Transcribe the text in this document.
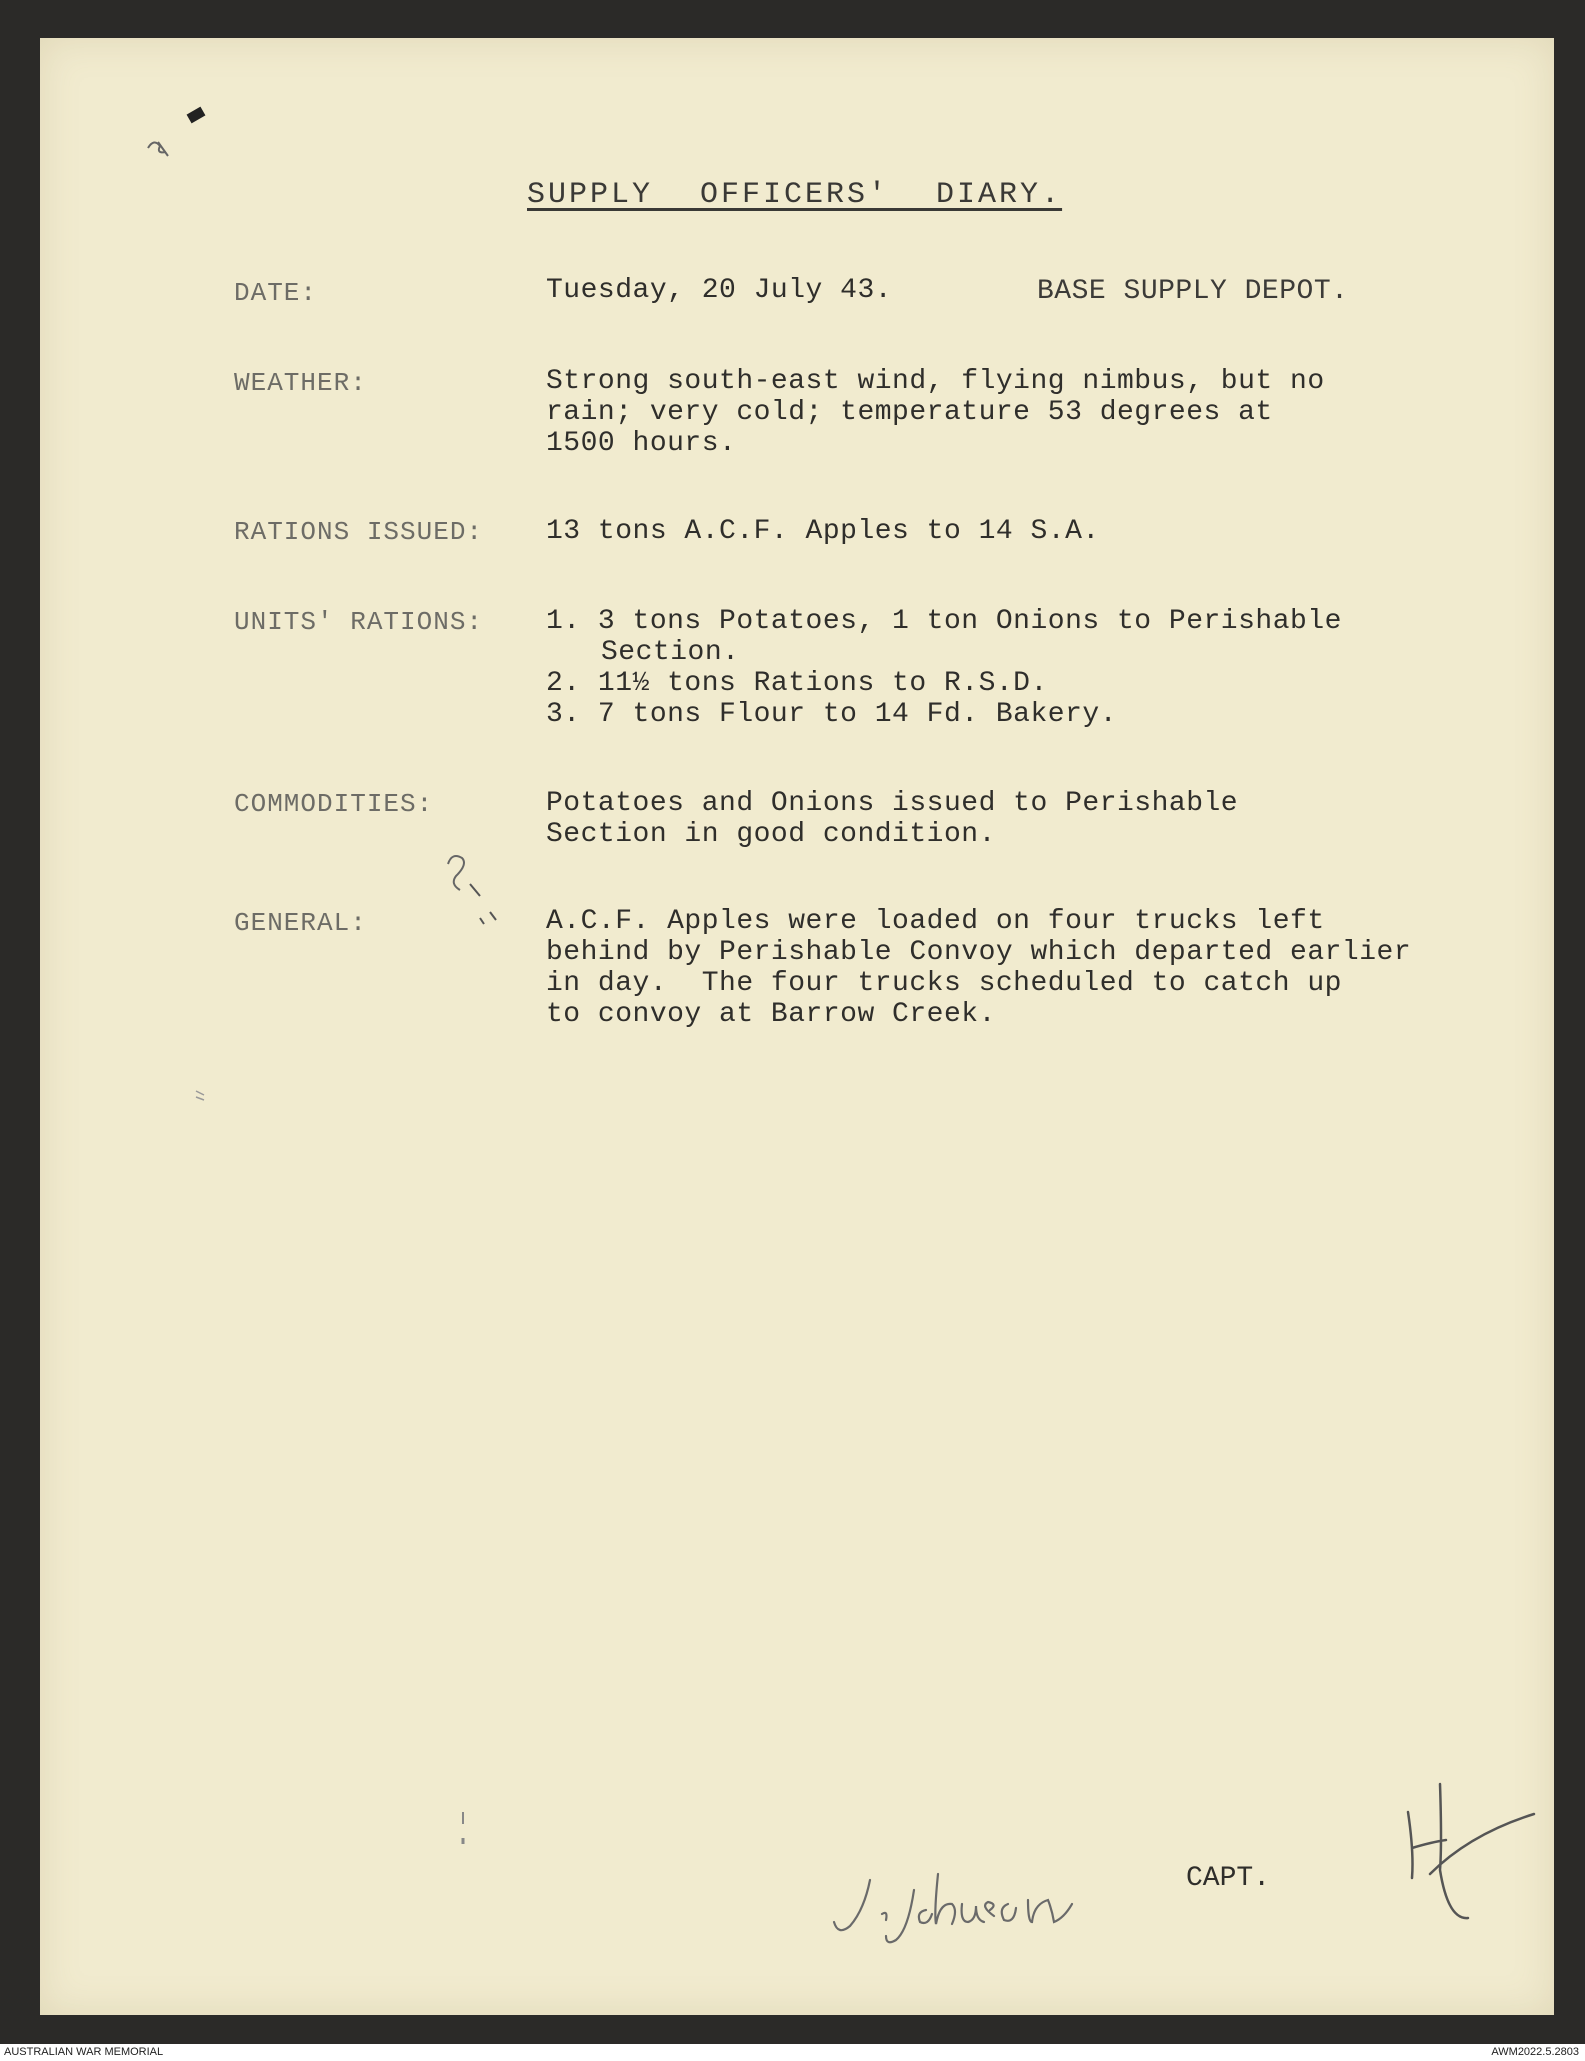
SUPPLY OFFICERS' DIARY.
DATE:	Tuesday, 20 July 43.	BASE SUPPLY DEPOT.
WEATHER:	Strong south-east wind, flying nimbus, but no
rain; very cold; temperature 53 degrees at
1500 hours.
RATIONS ISSUED: 13 tons A.C.F. Apples to 14 S.A.
UNITS' RATIONS: 1. 3 tons Potatoes, 1 ton Onions to Perishable
Section.
2. 11½ tons Rations to R.S.D.
3. 7 tons Flour to 14 Fd. Bakery.
COMMODITIES:	Potatoes and Onions issued to Perishable
Section in good condition.
GENERAL:	A.C.F. Apples were loaded on four trucks left
behind by Perishable Convoy which departed earlier
in day.  The four trucks scheduled to catch up
to convoy at Barrow Creek.
CAPT.
AUSTRALIAN WAR MEMORIAL	AWM2022.5.2803
